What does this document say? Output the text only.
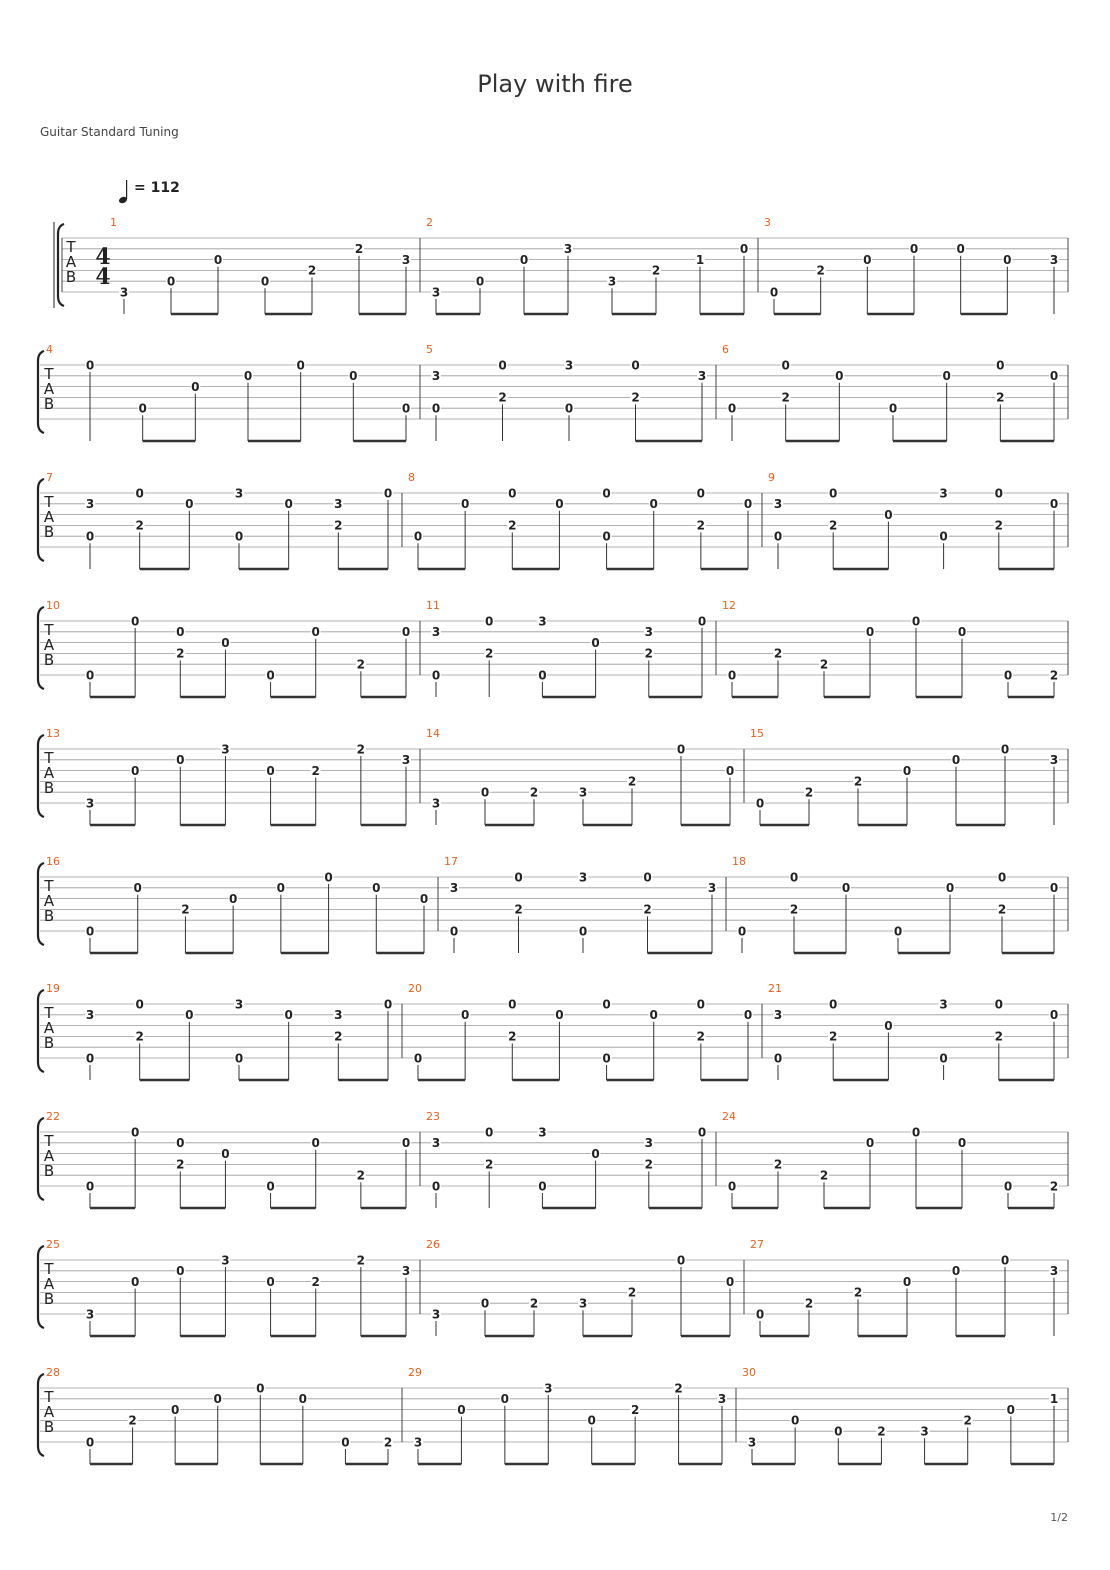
Play with fire
Guitar Standard Tuning
= 112
T
A
B
4
4
1
3
0
0
0
2
2
3
2
3
0
0
3
3
2
1
0
3
0
2
0
0	0
0	3
T
A
B
4
0
0
0
0
0
0
0
5
3
0
0
2
3
0
0
2
3
6
0
0
2
0
0
0
0
2
0
T
A
B
7
3
0
0
2
0
3
0
0	3
2
0
8
0
0
0
2
0
0
0
0
0
2
0
9
3
0
0
2
0
3
0
0
2
0
T
A
B
10
0
0
0
2
0
0
0
2
0
11
3
0
0
2
3
0
0
3
2
0
12
0
2
2
0
0
0
0	2
T
A
B
13
3
0
0
3
0	2
2
3
14
3
0	2	3
2
0
0
15
0
2
2
0
0
0
3
T
A
B
16
0
0
2
0
0
0
0
0
17
3
0
0
2
3
0
0
2
3
18
0
0
2
0
0
0
0
2
0
T
A
B
19
3
0
0
2
0
3
0
0	3
2
0
20
0
0
0
2
0
0
0
0
0
2
0
21
3
0
0
2
0
3
0
0
2
0
T
A
B
22
0
0
0
2
0
0
0
2
0
23
3
0
0
2
3
0
0
3
2
0
24
0
2
2
0
0
0
0	2
T
A
B
25
3
0
0
3
0	2
2
3
26
3
0	2	3
2
0
0
27
0
2
2
0
0
0
3
T
A
B
28
0
2
0
0
0
0
0	2
29
3
0
0
3
0
2
2
3
30
3
0
0	2	3
2
0
1
1/2
